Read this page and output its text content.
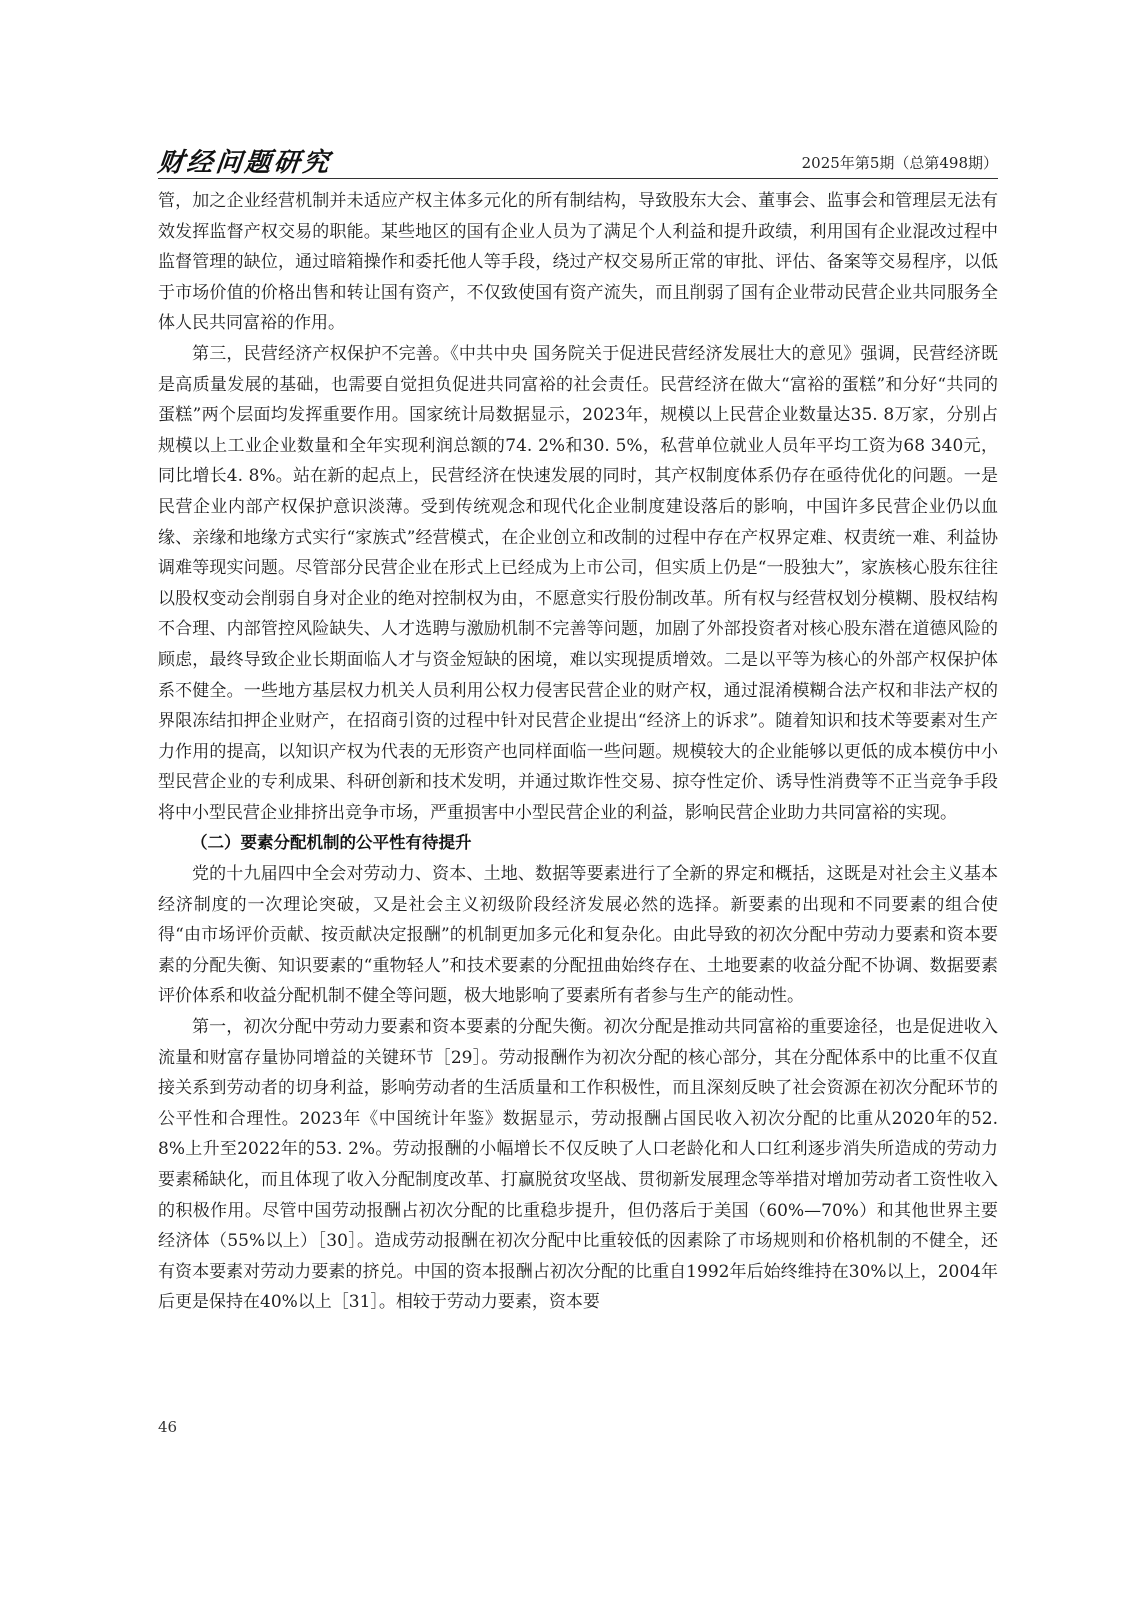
财经问题研究	2025年第5期（总第498期）

管，加之企业经营机制并未适应产权主体多元化的所有制结构，导致股东大会、董事会、监事会和管理层无法有效发挥监督产权交易的职能。某些地区的国有企业人员为了满足个人利益和提升政绩，利用国有企业混改过程中监督管理的缺位，通过暗箱操作和委托他人等手段，绕过产权交易所正常的审批、评估、备案等交易程序，以低于市场价值的价格出售和转让国有资产，不仅致使国有资产流失，而且削弱了国有企业带动民营企业共同服务全体人民共同富裕的作用。

第三，民营经济产权保护不完善。《中共中央 国务院关于促进民营经济发展壮大的意见》强调，民营经济既是高质量发展的基础，也需要自觉担负促进共同富裕的社会责任。民营经济在做大“富裕的蛋糕”和分好“共同的蛋糕”两个层面均发挥重要作用。国家统计局数据显示，2023年，规模以上民营企业数量达35. 8万家，分别占规模以上工业企业数量和全年实现利润总额的74. 2%和30. 5%，私营单位就业人员年平均工资为68 340元，同比增长4. 8%。站在新的起点上，民营经济在快速发展的同时，其产权制度体系仍存在亟待优化的问题。一是民营企业内部产权保护意识淡薄。受到传统观念和现代化企业制度建设落后的影响，中国许多民营企业仍以血缘、亲缘和地缘方式实行“家族式”经营模式，在企业创立和改制的过程中存在产权界定难、权责统一难、利益协调难等现实问题。尽管部分民营企业在形式上已经成为上市公司，但实质上仍是“一股独大”，家族核心股东往往以股权变动会削弱自身对企业的绝对控制权为由，不愿意实行股份制改革。所有权与经营权划分模糊、股权结构不合理、内部管控风险缺失、人才选聘与激励机制不完善等问题，加剧了外部投资者对核心股东潜在道德风险的顾虑，最终导致企业长期面临人才与资金短缺的困境，难以实现提质增效。二是以平等为核心的外部产权保护体系不健全。一些地方基层权力机关人员利用公权力侵害民营企业的财产权，通过混淆模糊合法产权和非法产权的界限冻结扣押企业财产，在招商引资的过程中针对民营企业提出“经济上的诉求”。随着知识和技术等要素对生产力作用的提高，以知识产权为代表的无形资产也同样面临一些问题。规模较大的企业能够以更低的成本模仿中小型民营企业的专利成果、科研创新和技术发明，并通过欺诈性交易、掠夺性定价、诱导性消费等不正当竞争手段将中小型民营企业排挤出竞争市场，严重损害中小型民营企业的利益，影响民营企业助力共同富裕的实现。

（二）要素分配机制的公平性有待提升

党的十九届四中全会对劳动力、资本、土地、数据等要素进行了全新的界定和概括，这既是对社会主义基本经济制度的一次理论突破，又是社会主义初级阶段经济发展必然的选择。新要素的出现和不同要素的组合使得“由市场评价贡献、按贡献决定报酬”的机制更加多元化和复杂化。由此导致的初次分配中劳动力要素和资本要素的分配失衡、知识要素的“重物轻人”和技术要素的分配扭曲始终存在、土地要素的收益分配不协调、数据要素评价体系和收益分配机制不健全等问题，极大地影响了要素所有者参与生产的能动性。

第一，初次分配中劳动力要素和资本要素的分配失衡。初次分配是推动共同富裕的重要途径，也是促进收入流量和财富存量协同增益的关键环节［29］。劳动报酬作为初次分配的核心部分，其在分配体系中的比重不仅直接关系到劳动者的切身利益，影响劳动者的生活质量和工作积极性，而且深刻反映了社会资源在初次分配环节的公平性和合理性。2023年《中国统计年鉴》数据显示，劳动报酬占国民收入初次分配的比重从2020年的52. 8%上升至2022年的53. 2%。劳动报酬的小幅增长不仅反映了人口老龄化和人口红利逐步消失所造成的劳动力要素稀缺化，而且体现了收入分配制度改革、打赢脱贫攻坚战、贯彻新发展理念等举措对增加劳动者工资性收入的积极作用。尽管中国劳动报酬占初次分配的比重稳步提升，但仍落后于美国（60%—70%）和其他世界主要经济体（55%以上）［30］。造成劳动报酬在初次分配中比重较低的因素除了市场规则和价格机制的不健全，还有资本要素对劳动力要素的挤兑。中国的资本报酬占初次分配的比重自1992年后始终维持在30%以上，2004年后更是保持在40%以上［31］。相较于劳动力要素，资本要

46
